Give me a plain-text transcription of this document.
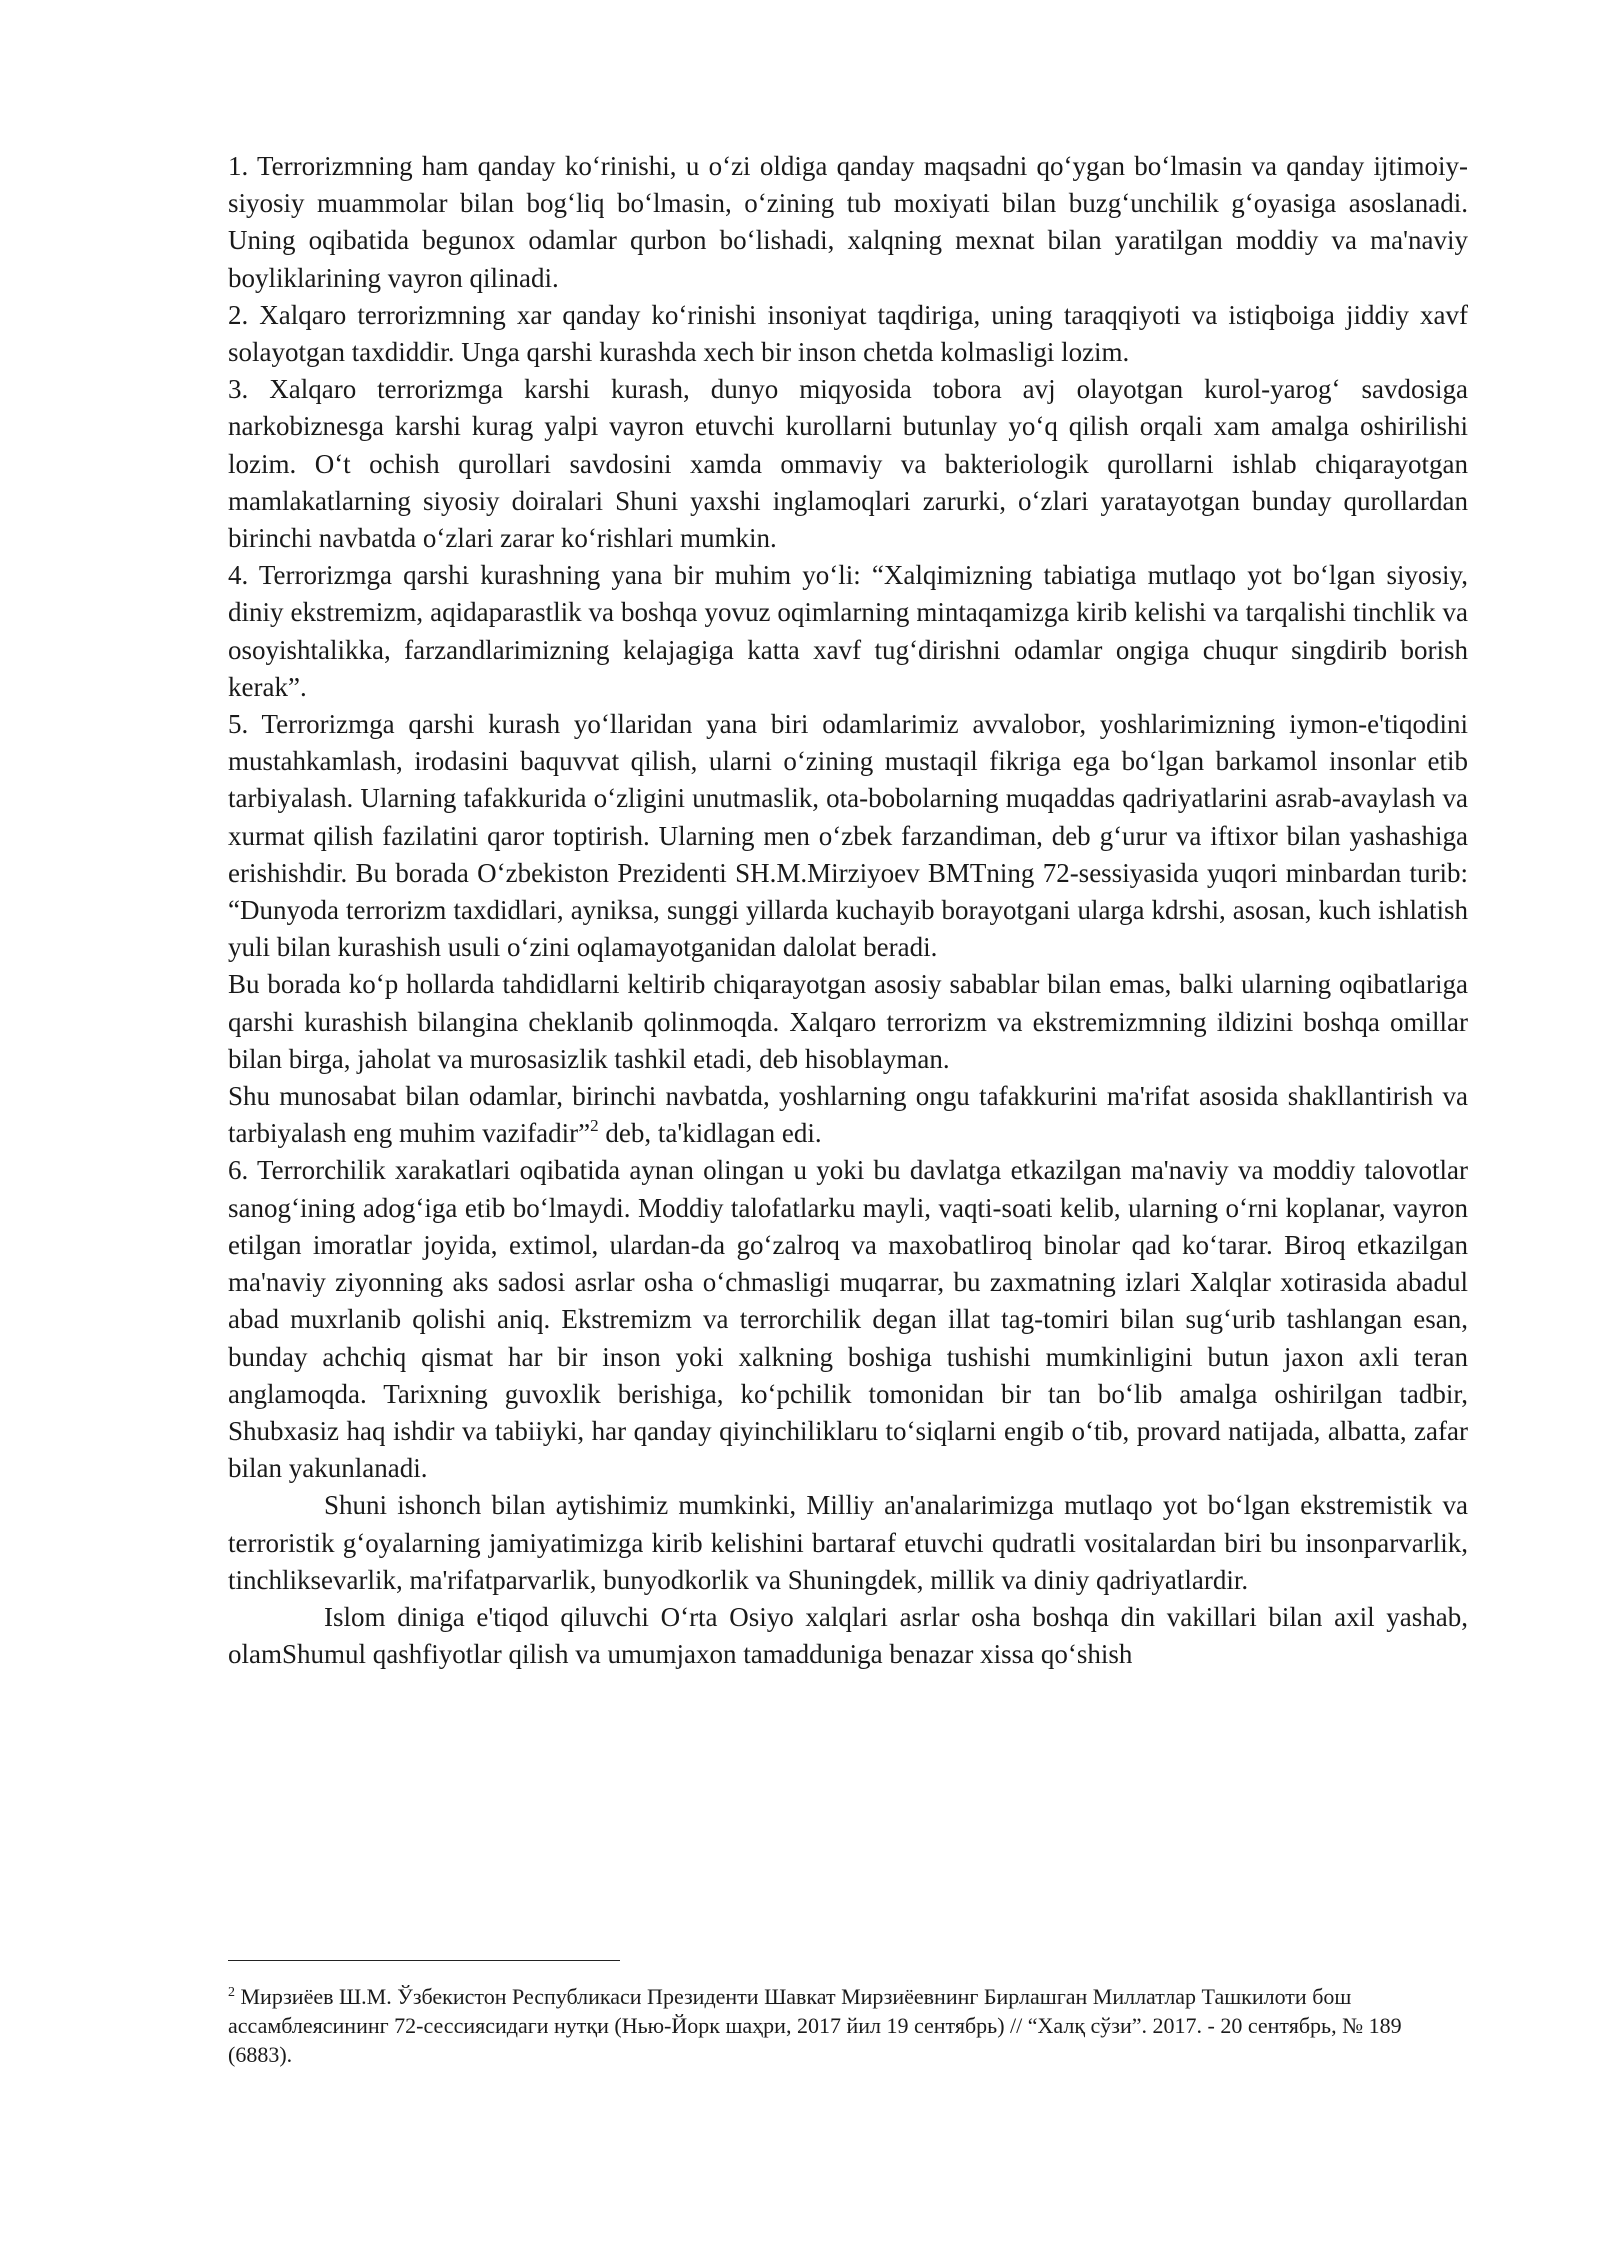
1. Terrorizmning ham qanday koʻrinishi, u oʻzi oldiga qanday maqsadni qoʻygan boʻlmasin va qanday ijtimoiy-siyosiy muammolar bilan bogʻliq boʻlmasin, oʻzining tub moxiyati bilan buzgʻunchilik gʻoyasiga asoslanadi. Uning oqibatida begunox odamlar qurbon boʻlishadi, xalqning mexnat bilan yaratilgan moddiy va ma'naviy boyliklarining vayron qilinadi.

2. Xalqaro terrorizmning xar qanday koʻrinishi insoniyat taqdiriga, uning taraqqiyoti va istiqboiga jiddiy xavf solayotgan taxdiddir. Unga qarshi kurashda xech bir inson chetda kolmasligi lozim.

3. Xalqaro terrorizmga karshi kurash, dunyo miqyosida tobora avj olayotgan kurol-yarogʻ savdosiga narkobiznesga karshi kurag yalpi vayron etuvchi kurollarni butunlay yoʻq qilish orqali xam amalga oshirilishi lozim. Oʻt ochish qurollari savdosini xamda ommaviy va bakteriologik qurollarni ishlab chiqarayotgan mamlakatlarning siyosiy doiralari Shuni yaxshi inglamoqlari zarurki, oʻzlari yaratayotgan bunday qurollardan birinchi navbatda oʻzlari zarar koʻrishlari mumkin.

4. Terrorizmga qarshi kurashning yana bir muhim yoʻli: “Xalqimizning tabiatiga mutlaqo yot boʻlgan siyosiy, diniy ekstremizm, aqidaparastlik va boshqa yovuz oqimlarning mintaqamizga kirib kelishi va tarqalishi tinchlik va osoyishtalikka, farzandlarimizning kelajagiga katta xavf tugʻdirishni odamlar ongiga chuqur singdirib borish kerak”.

5. Terrorizmga qarshi kurash yoʻllaridan yana biri odamlarimiz avvalobor, yoshlarimizning iymon-e'tiqodini mustahkamlash, irodasini baquvvat qilish, ularni oʻzining mustaqil fikriga ega boʻlgan barkamol insonlar etib tarbiyalash. Ularning tafakkurida oʻzligini unutmaslik, ota-bobolarning muqaddas qadriyatlarini asrab-avaylash va xurmat qilish fazilatini qaror toptirish. Ularning men oʻzbek farzandiman, deb gʻurur va iftixor bilan yashashiga erishishdir. Bu borada Oʻzbekiston Prezidenti SH.M.Mirziyoev BMTning 72-sessiyasida yuqori minbardan turib: “Dunyoda terrorizm taxdidlari, ayniksa, sunggi yillarda kuchayib borayotgani ularga kdrshi, asosan, kuch ishlatish yuli bilan kurashish usuli oʻzini oqlamayotganidan dalolat beradi.

Bu borada koʻp hollarda tahdidlarni keltirib chiqarayotgan asosiy sabablar bilan emas, balki ularning oqibatlariga qarshi kurashish bilangina cheklanib qolinmoqda. Xalqaro terrorizm va ekstremizmning ildizini boshqa omillar bilan birga, jaholat va murosasizlik tashkil etadi, deb hisoblayman.

Shu munosabat bilan odamlar, birinchi navbatda, yoshlarning ongu tafakkurini ma'rifat asosida shakllantirish va tarbiyalash eng muhim vazifadir”$^2$ deb, ta'kidlagan edi.

6. Terrorchilik xarakatlari oqibatida aynan olingan u yoki bu davlatga etkazilgan ma'naviy va moddiy talovotlar sanogʻining adogʻiga etib boʻlmaydi. Moddiy talofatlarku mayli, vaqti-soati kelib, ularning oʻrni koplanar, vayron etilgan imoratlar joyida, extimol, ulardan-da goʻzalroq va maxobatliroq binolar qad koʻtarar. Biroq etkazilgan ma'naviy ziyonning aks sadosi asrlar osha oʻchmasligi muqarrar, bu zaxmatning izlari Xalqlar xotirasida abadul abad muxrlanib qolishi aniq. Ekstremizm va terrorchilik degan illat tag-tomiri bilan sugʻurib tashlangan esan, bunday achchiq qismat har bir inson yoki xalkning boshiga tushishi mumkinligini butun jaxon axli teran anglamoqda. Tarixning guvoxlik berishiga, koʻpchilik tomonidan bir tan boʻlib amalga oshirilgan tadbir, Shubxasiz haq ishdir va tabiiyki, har qanday qiyinchiliklaru toʻsiqlarni engib oʻtib, provard natijada, albatta, zafar bilan yakunlanadi.

Shuni ishonch bilan aytishimiz mumkinki, Milliy an'analarimizga mutlaqo yot boʻlgan ekstremistik va terroristik gʻoyalarning jamiyatimizga kirib kelishini bartaraf etuvchi qudratli vositalardan biri bu insonparvarlik, tinchliksevarlik, ma'rifatparvarlik, bunyodkorlik va Shuningdek, millik va diniy qadriyatlardir.

Islom diniga e'tiqod qiluvchi Oʻrta Osiyo xalqlari asrlar osha boshqa din vakillari bilan axil yashab, olamShumul qashfiyotlar qilish va umumjaxon tamadduniga benazar xissa qoʻshish

$^2$ Мирзиёев Ш.М. Ўзбекистон Республикаси Президенти Шавкат Мирзиёевнинг Бирлашган Миллатлар Ташкилоти бош ассамблеясининг 72-сессиясидаги нутқи (Нью-Йорк шаҳри, 2017 йил 19 сентябрь) // “Халқ сўзи”. 2017. - 20 сентябрь, № 189 (6883).
